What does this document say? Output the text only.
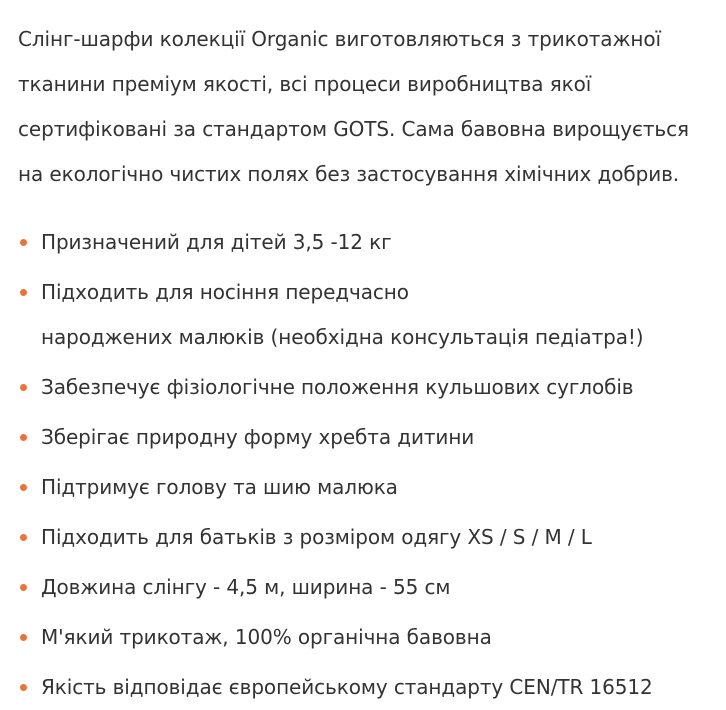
Слінг-шарфи колекції Organic виготовляються з трикотажної
тканини преміум якості, всі процеси виробництва якої
сертифіковані за стандартом GOTS. Сама бавовна вирощується
на екологічно чистих полях без застосування хімічних добрив.

Призначений для дітей 3,5 -12 кг
Підходить для носіння передчасно
народжених малюків (необхідна консультація педіатра!)
Забезпечує фізіологічне положення кульшових суглобів
Зберігає природну форму хребта дитини
Підтримує голову та шию малюка
Підходить для батьків з розміром одягу XS / S / M / L
Довжина слінгу - 4,5 м, ширина - 55 см
М'який трикотаж, 100% органічна бавовна
Якість відповідає європейському стандарту CEN/TR 16512
